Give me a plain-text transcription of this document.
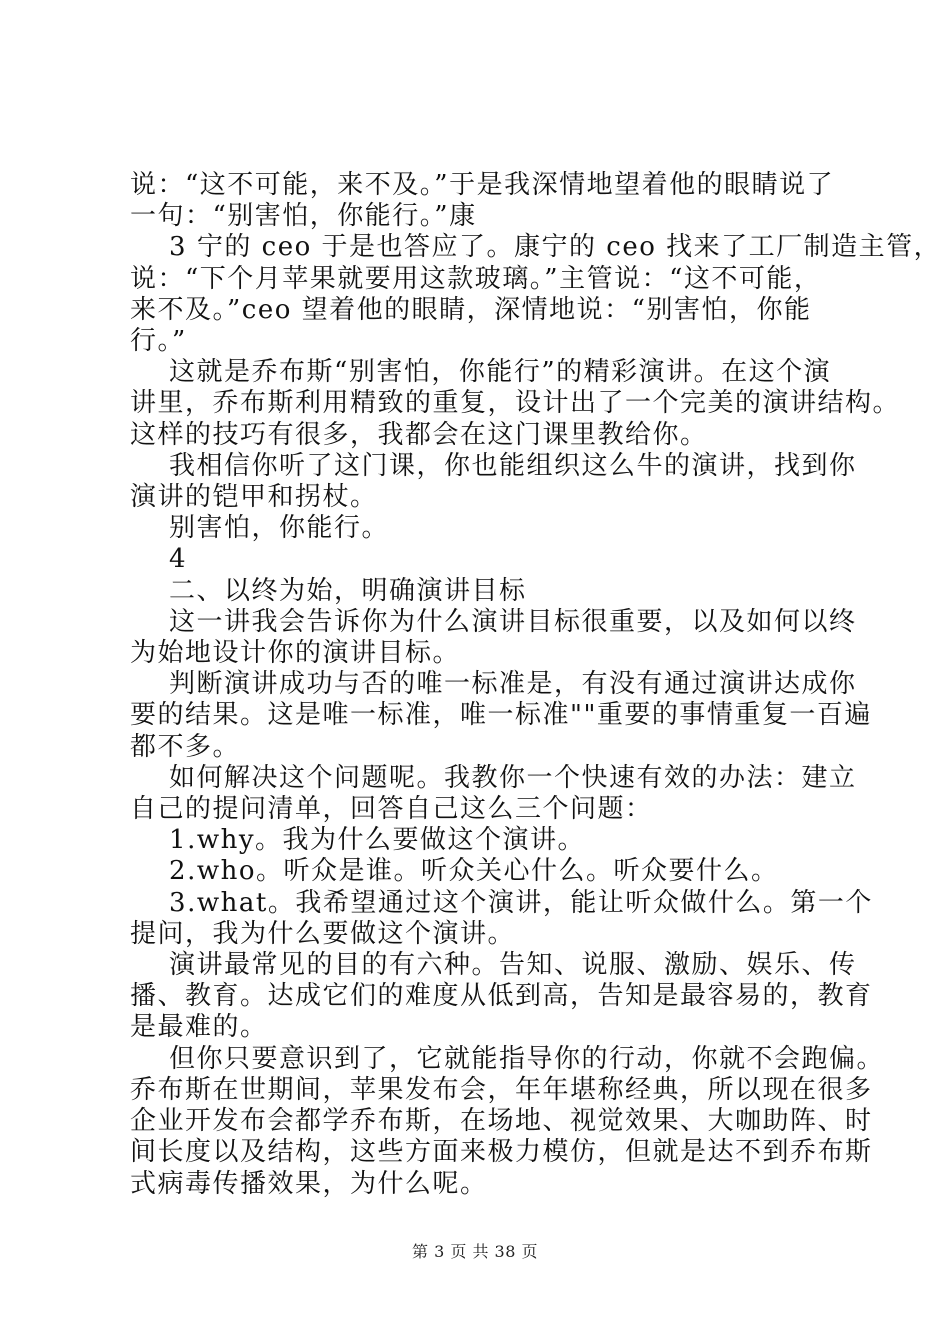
说：“这不可能，来不及。”于是我深情地望着他的眼睛说了
一句：“别害怕，你能行。”康
3 宁的 ceo 于是也答应了。康宁的 ceo 找来了工厂制造主管，
说：“下个月苹果就要用这款玻璃。”主管说：“这不可能，
来不及。”ceo 望着他的眼睛，深情地说：“别害怕，你能
行。”
这就是乔布斯“别害怕，你能行”的精彩演讲。在这个演
讲里，乔布斯利用精致的重复，设计出了一个完美的演讲结构。
这样的技巧有很多，我都会在这门课里教给你。
我相信你听了这门课，你也能组织这么牛的演讲，找到你
演讲的铠甲和拐杖。
别害怕，你能行。
4
二、以终为始，明确演讲目标
这一讲我会告诉你为什么演讲目标很重要，以及如何以终
为始地设计你的演讲目标。
判断演讲成功与否的唯一标准是，有没有通过演讲达成你
要的结果。这是唯一标准，唯一标准""重要的事情重复一百遍
都不多。
如何解决这个问题呢。我教你一个快速有效的办法：建立
自己的提问清单，回答自己这么三个问题：
1.why。我为什么要做这个演讲。
2.who。听众是谁。听众关心什么。听众要什么。
3.what。我希望通过这个演讲，能让听众做什么。第一个
提问，我为什么要做这个演讲。
演讲最常见的目的有六种。告知、说服、激励、娱乐、传
播、教育。达成它们的难度从低到高，告知是最容易的，教育
是最难的。
但你只要意识到了，它就能指导你的行动，你就不会跑偏。
乔布斯在世期间，苹果发布会，年年堪称经典，所以现在很多
企业开发布会都学乔布斯，在场地、视觉效果、大咖助阵、时
间长度以及结构，这些方面来极力模仿，但就是达不到乔布斯
式病毒传播效果，为什么呢。
第 3 页 共 38 页
